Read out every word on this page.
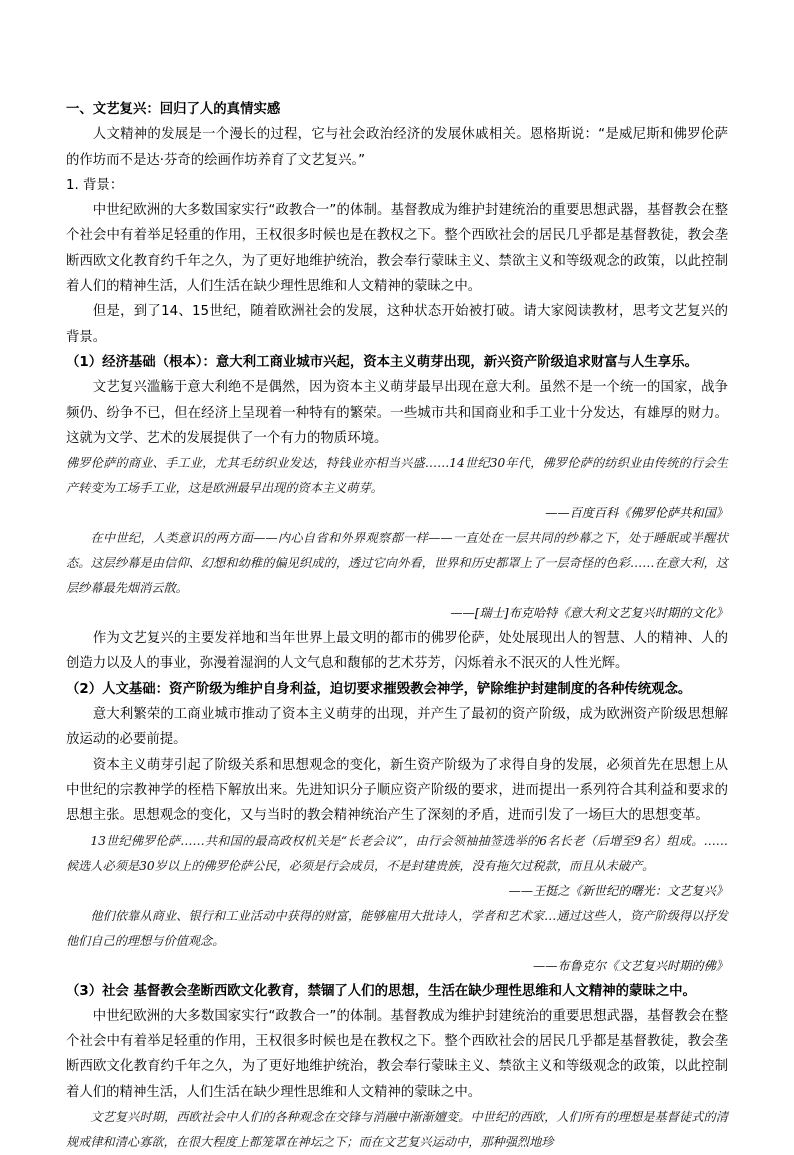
一、文艺复兴：回归了人的真情实感

人文精神的发展是一个漫长的过程，它与社会政治经济的发展休戚相关。恩格斯说：“是威尼斯和佛罗伦萨的作坊而不是达·芬奇的绘画作坊养育了文艺复兴。”

1. 背景：

中世纪欧洲的大多数国家实行“政教合一”的体制。基督教成为维护封建统治的重要思想武器，基督教会在整个社会中有着举足轻重的作用，王权很多时候也是在教权之下。整个西欧社会的居民几乎都是基督教徒，教会垄断西欧文化教育约千年之久，为了更好地维护统治，教会奉行蒙昧主义、禁欲主义和等级观念的政策，以此控制着人们的精神生活，人们生活在缺少理性思维和人文精神的蒙昧之中。

但是，到了14、15世纪，随着欧洲社会的发展，这种状态开始被打破。请大家阅读教材，思考文艺复兴的背景。

（1）经济基础（根本）：意大利工商业城市兴起，资本主义萌芽出现，新兴资产阶级追求财富与人生享乐。

文艺复兴滥觞于意大利绝不是偶然，因为资本主义萌芽最早出现在意大利。虽然不是一个统一的国家，战争频仍、纷争不已，但在经济上呈现着一种特有的繁荣。一些城市共和国商业和手工业十分发达，有雄厚的财力。这就为文学、艺术的发展提供了一个有力的物质环境。

佛罗伦萨的商业、手工业，尤其毛纺织业发达，特钱业亦相当兴盛……14世纪30年代，佛罗伦萨的纺织业由传统的行会生产转变为工场手工业，这是欧洲最早出现的资本主义萌芽。

——百度百科《佛罗伦萨共和国》

在中世纪，人类意识的两方面——内心自省和外界观察都一样——一直处在一层共同的纱幕之下，处于睡眠或半醒状态。这层纱幕是由信仰、幻想和幼稚的偏见织成的，透过它向外看，世界和历史都罩上了一层奇怪的色彩……在意大利，这层纱幕最先烟消云散。

——[瑞士]布克哈特《意大利文艺复兴时期的文化》

作为文艺复兴的主要发祥地和当年世界上最文明的都市的佛罗伦萨，处处展现出人的智慧、人的精神、人的创造力以及人的事业，弥漫着湿润的人文气息和馥郁的艺术芬芳，闪烁着永不泯灭的人性光辉。

（2）人文基础：资产阶级为维护自身利益，迫切要求摧毁教会神学，铲除维护封建制度的各种传统观念。

意大利繁荣的工商业城市推动了资本主义萌芽的出现，并产生了最初的资产阶级，成为欧洲资产阶级思想解放运动的必要前提。

资本主义萌芽引起了阶级关系和思想观念的变化，新生资产阶级为了求得自身的发展，必须首先在思想上从中世纪的宗教神学的桎梏下解放出来。先进知识分子顺应资产阶级的要求，进而提出一系列符合其利益和要求的思想主张。思想观念的变化，又与当时的教会精神统治产生了深刻的矛盾，进而引发了一场巨大的思想变革。

13世纪佛罗伦萨……共和国的最高政权机关是“长老会议”，由行会领袖抽签选举的6名长老（后增至9名）组成。……候选人必须是30岁以上的佛罗伦萨公民，必须是行会成员，不是封建贵族，没有拖欠过税款，而且从未破产。

——王挺之《新世纪的曙光：文艺复兴》

他们依靠从商业、银行和工业活动中获得的财富，能够雇用大批诗人，学者和艺术家…通过这些人，资产阶级得以抒发他们自己的理想与价值观念。

——布鲁克尔《文艺复兴时期的佛》

（3）社会 基督教会垄断西欧文化教育，禁锢了人们的思想，生活在缺少理性思维和人文精神的蒙昧之中。

中世纪欧洲的大多数国家实行“政教合一”的体制。基督教成为维护封建统治的重要思想武器，基督教会在整个社会中有着举足轻重的作用，王权很多时候也是在教权之下。整个西欧社会的居民几乎都是基督教徒，教会垄断西欧文化教育约千年之久，为了更好地维护统治，教会奉行蒙昧主义、禁欲主义和等级观念的政策，以此控制着人们的精神生活，人们生活在缺少理性思维和人文精神的蒙昧之中。

文艺复兴时期，西欧社会中人们的各种观念在交锋与消融中渐渐嬗变。中世纪的西欧，人们所有的理想是基督徒式的清规戒律和清心寡欲，在很大程度上都笼罩在神坛之下；而在文艺复兴运动中，那种强烈地珍
